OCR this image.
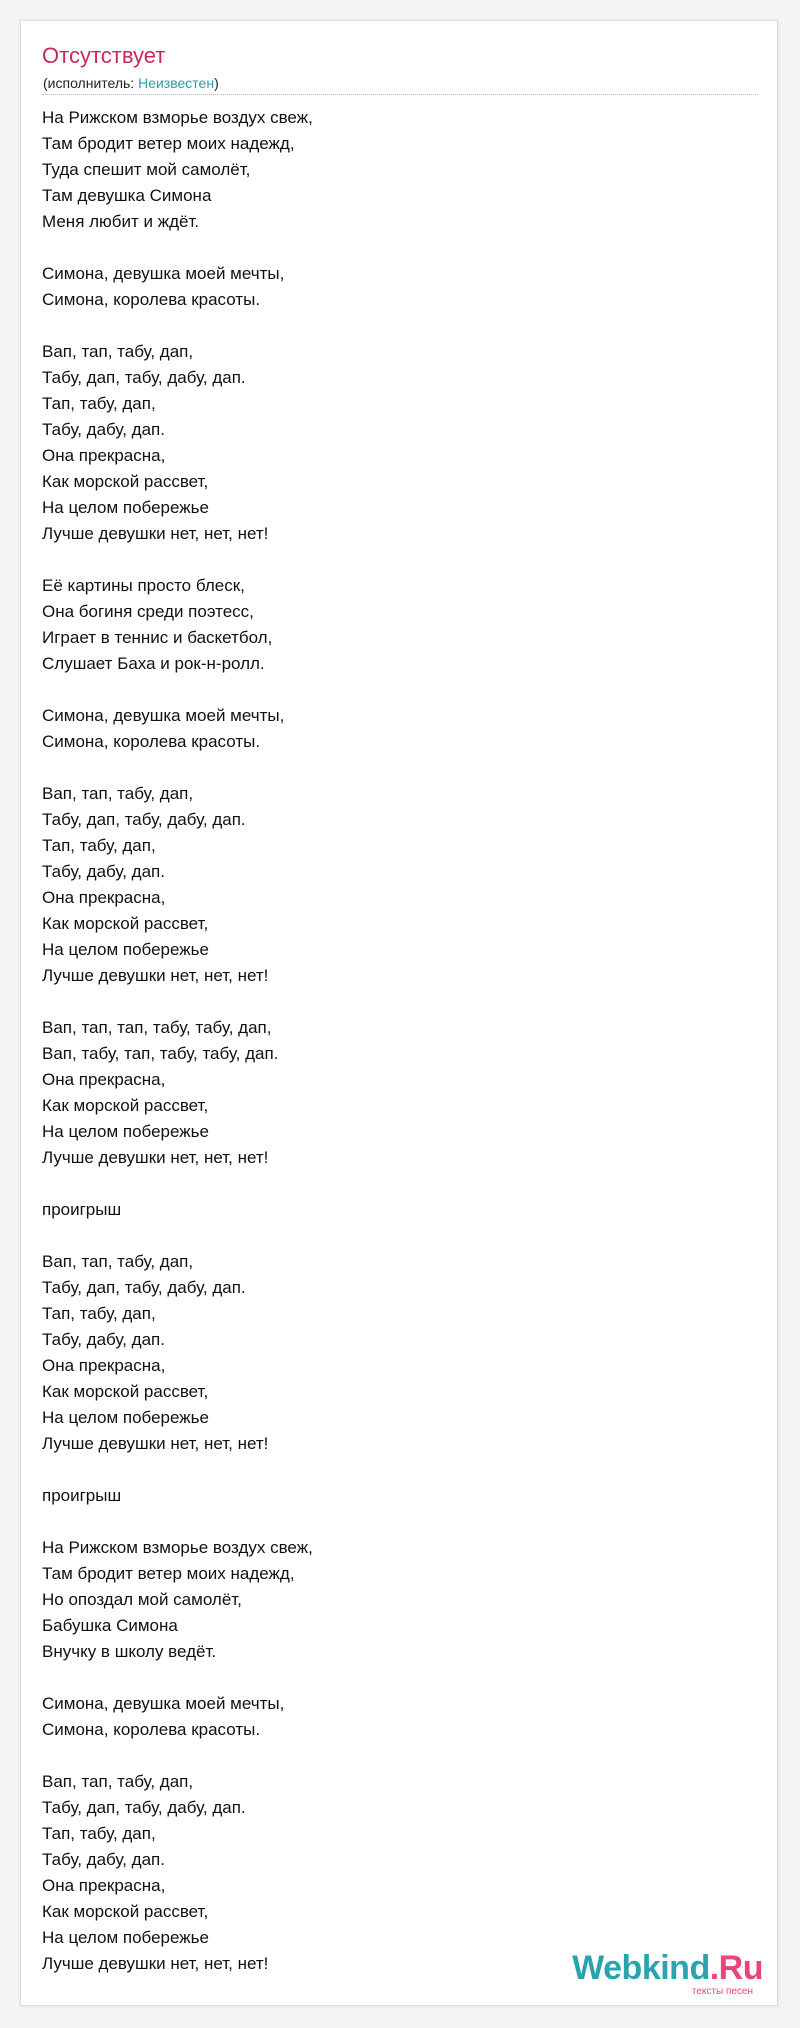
Отсутствует
(исполнитель: Неизвестен)
На Рижском взморье воздух свеж,
Там бродит ветер моих надежд,
Туда спешит мой самолёт,
Там девушка Симона
Меня любит и ждёт.

Симона, девушка моей мечты,
Симона, королева красоты.

Вап, тап, табу, дап,
Табу, дап, табу, дабу, дап.
Тап, табу, дап,
Табу, дабу, дап.
Она прекрасна,
Как морской рассвет,
На целом побережье
Лучше девушки нет, нет, нет!

Её картины просто блеск,
Она богиня среди поэтесс,
Играет в теннис и баскетбол,
Слушает Баха и рок-н-ролл.

Симона, девушка моей мечты,
Симона, королева красоты.

Вап, тап, табу, дап,
Табу, дап, табу, дабу, дап.
Тап, табу, дап,
Табу, дабу, дап.
Она прекрасна,
Как морской рассвет,
На целом побережье
Лучше девушки нет, нет, нет!

Вап, тап, тап, табу, табу, дап,
Вап, табу, тап, табу, табу, дап.
Она прекрасна,
Как морской рассвет,
На целом побережье
Лучше девушки нет, нет, нет!

проигрыш

Вап, тап, табу, дап,
Табу, дап, табу, дабу, дап.
Тап, табу, дап,
Табу, дабу, дап.
Она прекрасна,
Как морской рассвет,
На целом побережье
Лучше девушки нет, нет, нет!

проигрыш

На Рижском взморье воздух свеж,
Там бродит ветер моих надежд,
Но опоздал мой самолёт,
Бабушка Симона
Внучку в школу ведёт.

Симона, девушка моей мечты,
Симона, королева красоты.

Вап, тап, табу, дап,
Табу, дап, табу, дабу, дап.
Тап, табу, дап,
Табу, дабу, дап.
Она прекрасна,
Как морской рассвет,
На целом побережье
Лучше девушки нет, нет, нет!	Webkind.Ru
тексты песен
